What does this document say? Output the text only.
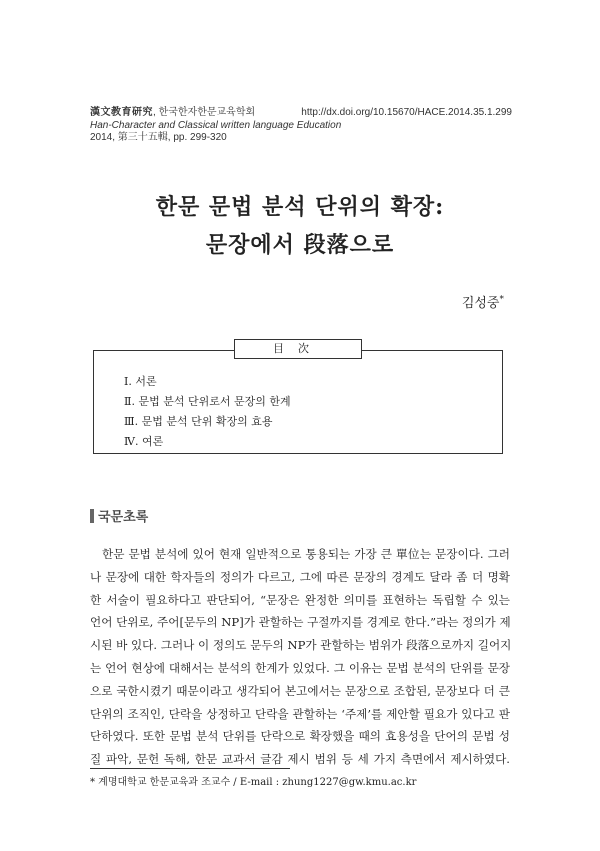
漢文教育研究, 한국한자한문교육학회
Han-Character and Classical written language Education
2014, 第三十五輯, pp. 299-320
http://dx.doi.org/10.15670/HACE.2014.35.1.299
한문 문법 분석 단위의 확장:
문장에서 段落으로
김성중*
目次
Ⅰ. 서론
Ⅱ. 문법 분석 단위로서 문장의 한계
Ⅲ. 문법 분석 단위 확장의 효용
Ⅳ. 여론
국문초록

한문 문법 분석에 있어 현재 일반적으로 통용되는 가장 큰 單位는 문장이다. 그러
나 문장에 대한 학자들의 정의가 다르고, 그에 따른 문장의 경계도 달라 좀 더 명확
한 서술이 필요하다고 판단되어, “문장은 완정한 의미를 표현하는 독립할 수 있는
언어 단위로, 주어[문두의 NP]가 관할하는 구절까지를 경계로 한다.”라는 정의가 제
시된 바 있다. 그러나 이 정의도 문두의 NP가 관할하는 범위가 段落으로까지 길어지
는 언어 현상에 대해서는 분석의 한계가 있었다. 그 이유는 문법 분석의 단위를 문장
으로 국한시켰기 때문이라고 생각되어 본고에서는 문장으로 조합된, 문장보다 더 큰
단위의 조직인, 단락을 상정하고 단락을 관할하는 ‘주제’를 제안할 필요가 있다고 판
단하였다. 또한 문법 분석 단위를 단락으로 확장했을 때의 효용성을 단어의 문법 성
질 파악, 문헌 독해, 한문 교과서 글감 제시 범위 등 세 가지 측면에서 제시하였다.

* 계명대학교 한문교육과 조교수 / E-mail : zhung1227@gw.kmu.ac.kr
